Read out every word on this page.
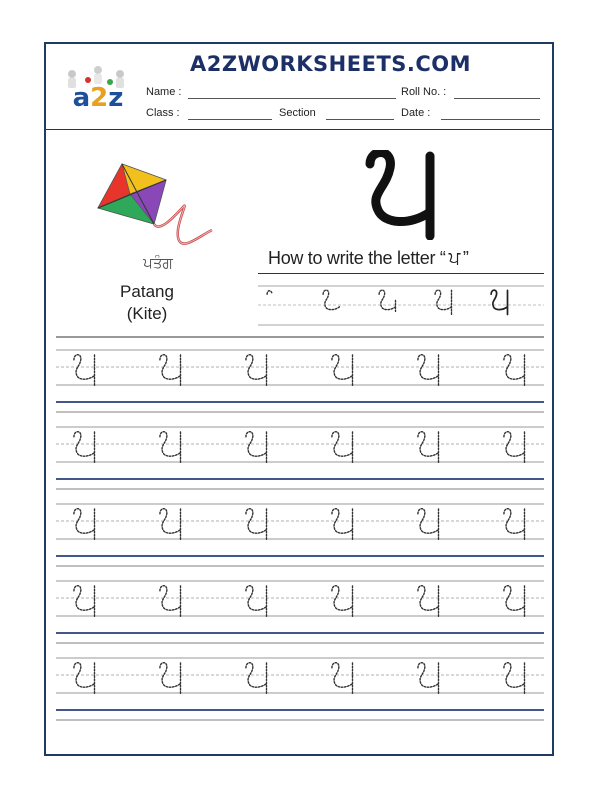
a2z
A2ZWORKSHEETS.COM
Name :	Roll No. :
Class :	Section	Date :
ਪਤੰਗ
Patang
(Kite)
How to write the letter “ ਪ ”
